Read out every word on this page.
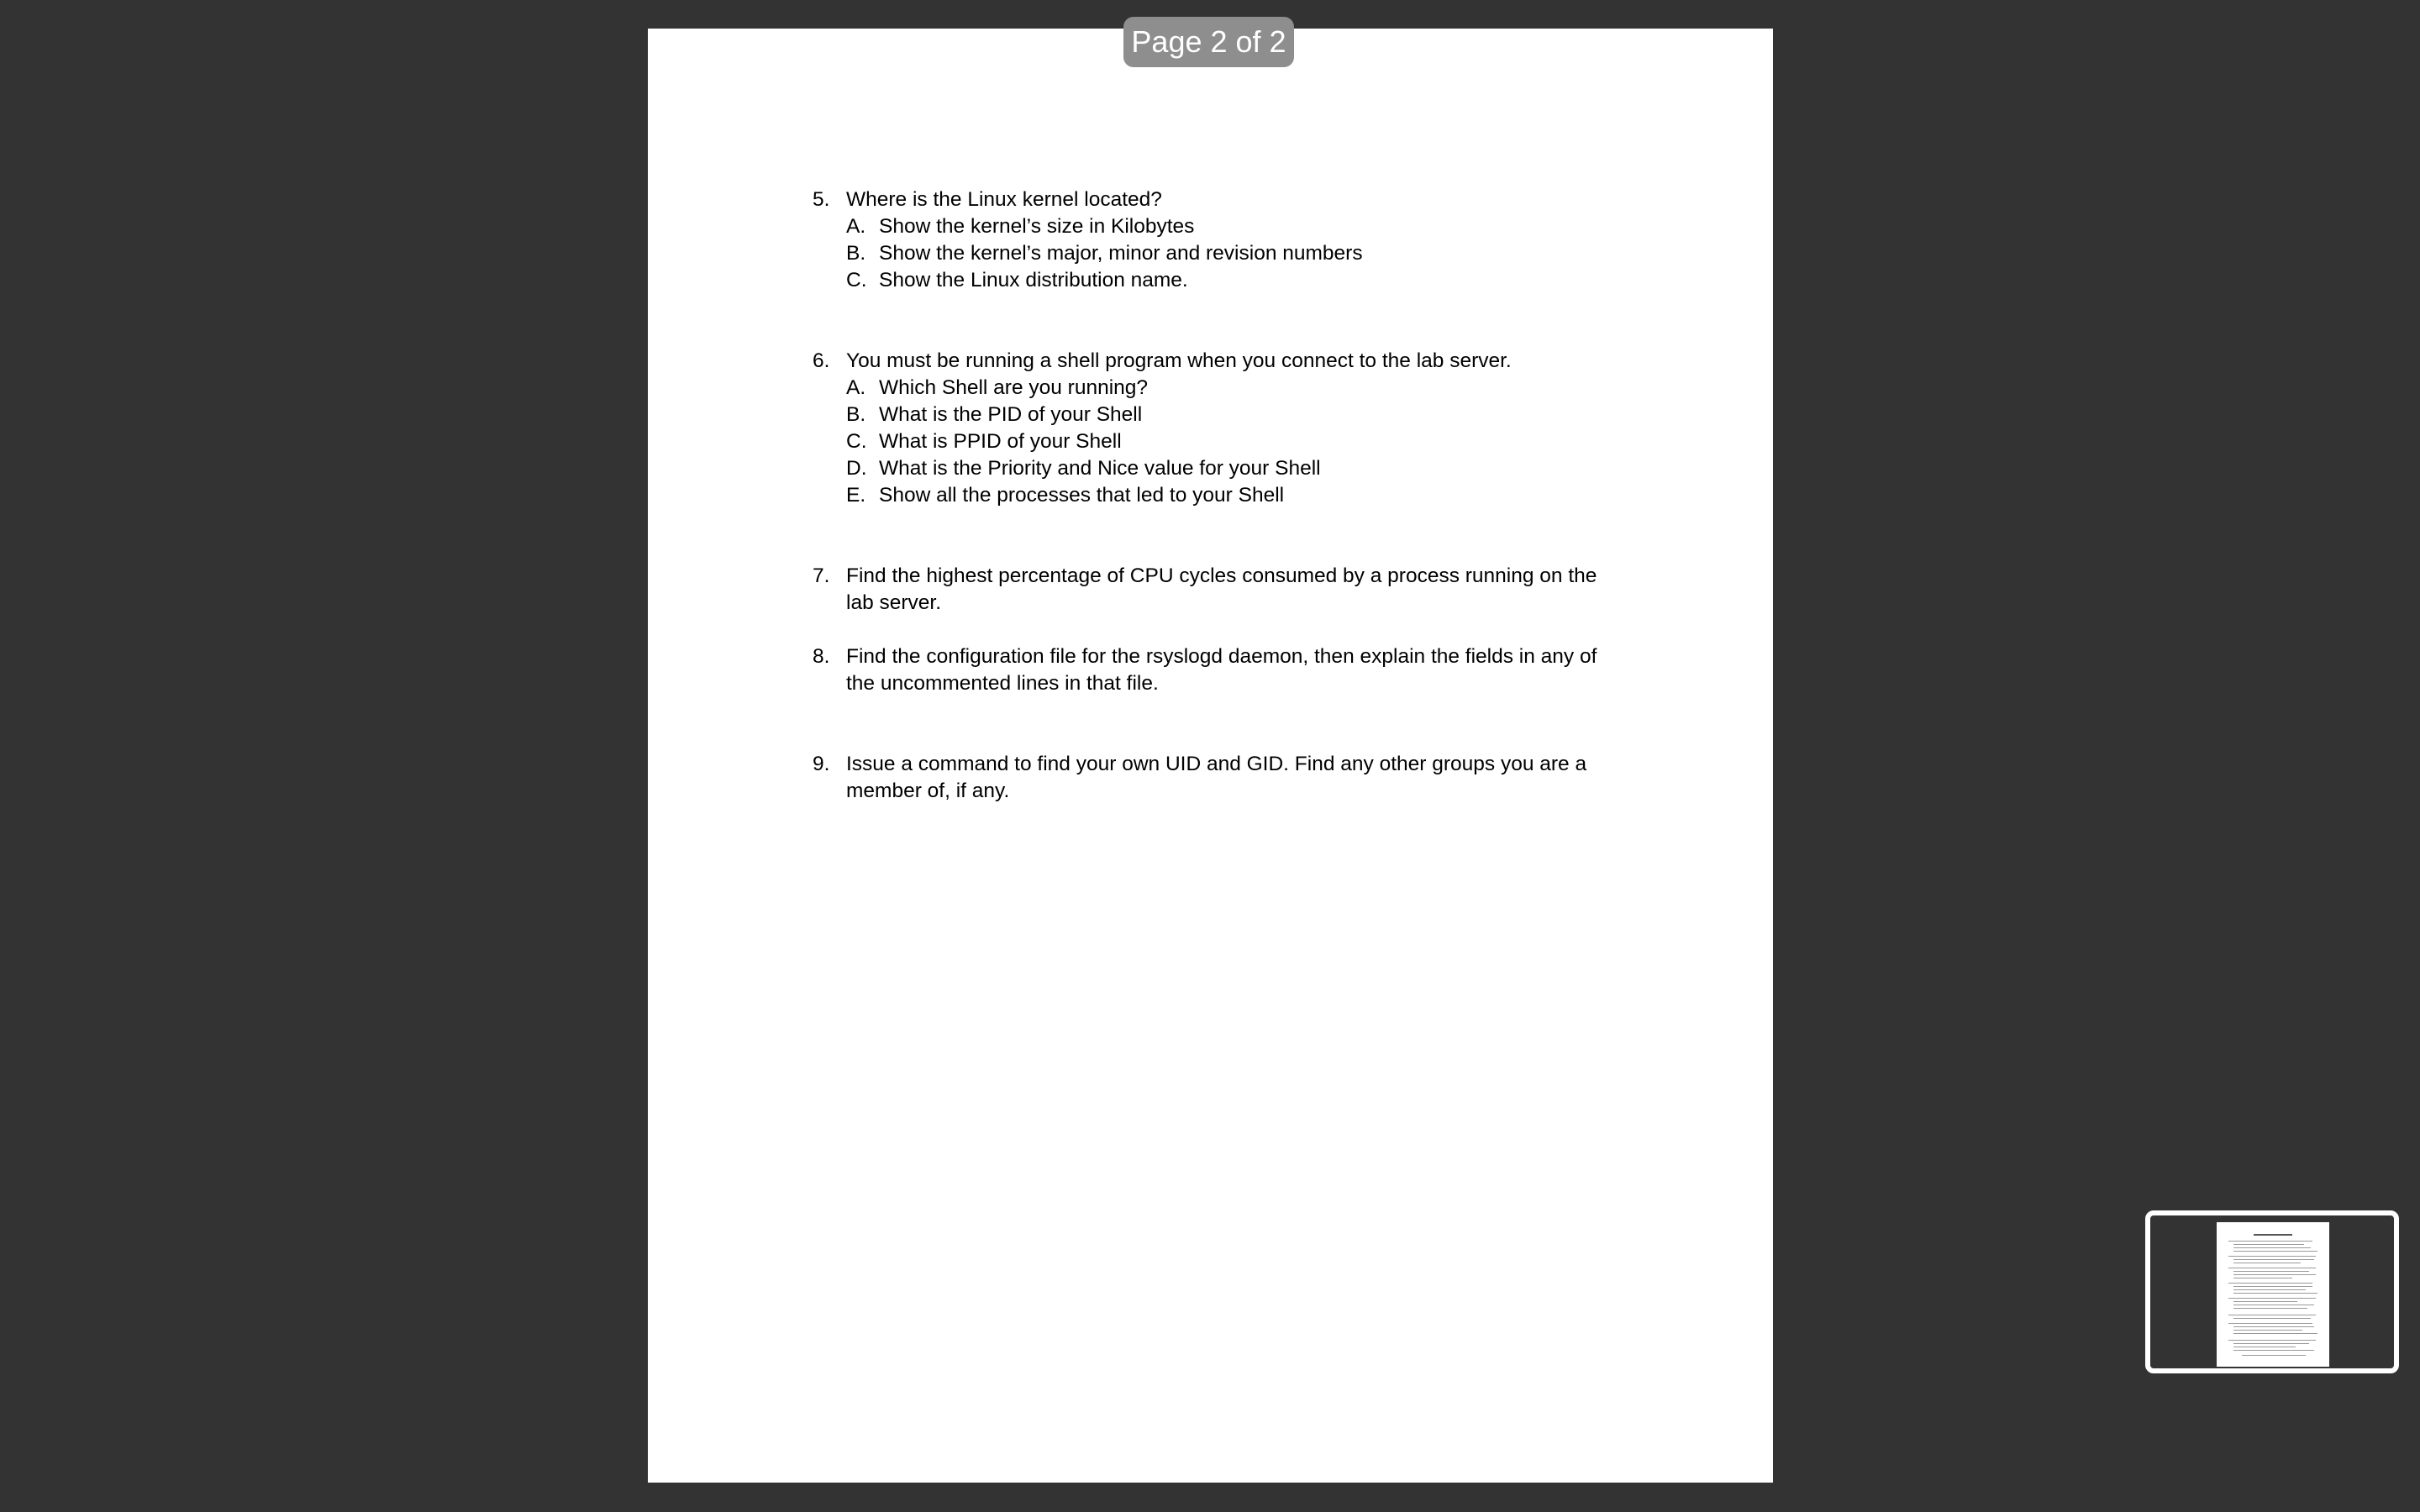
5. Where is the Linux kernel located?
A. Show the kernel’s size in Kilobytes
B. Show the kernel’s major, minor and revision numbers
C. Show the Linux distribution name.
6. You must be running a shell program when you connect to the lab server.
A. Which Shell are you running?
B. What is the PID of your Shell
C. What is PPID of your Shell
D. What is the Priority and Nice value for your Shell
E. Show all the processes that led to your Shell
7. Find the highest percentage of CPU cycles consumed by a process running on the lab server.
8. Find the configuration file for the rsyslogd daemon, then explain the fields in any of the uncommented lines in that file.
9. Issue a command to find your own UID and GID. Find any other groups you are a member of, if any.
Page 2 of 2
